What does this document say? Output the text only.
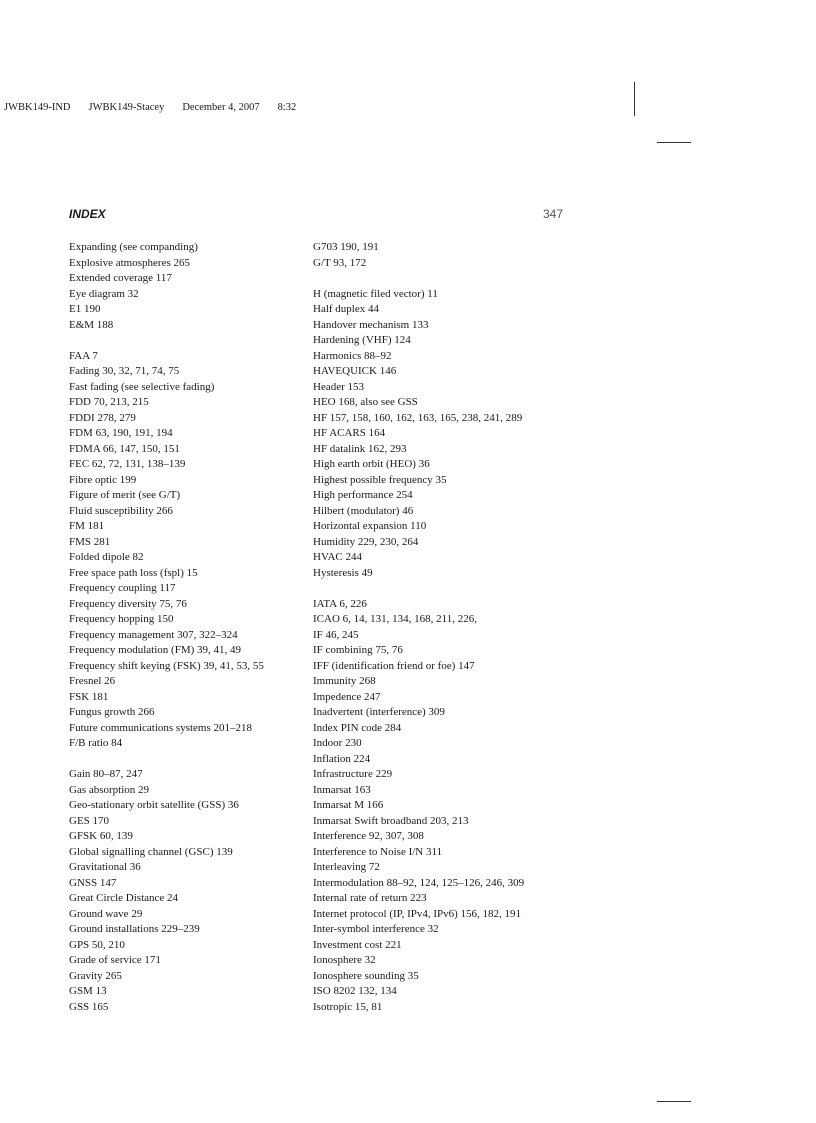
JWBK149-IND JWBK149-Stacey December 4, 2007 8:32
INDEX	347
Expanding (see companding)
Explosive atmospheres 265
Extended coverage 117
Eye diagram 32
E1 190
E&M 188
FAA 7
Fading 30, 32, 71, 74, 75
Fast fading (see selective fading)
FDD 70, 213, 215
FDDI 278, 279
FDM 63, 190, 191, 194
FDMA 66, 147, 150, 151
FEC 62, 72, 131, 138–139
Fibre optic 199
Figure of merit (see G/T)
Fluid susceptibility 266
FM 181
FMS 281
Folded dipole 82
Free space path loss (fspl) 15
Frequency coupling 117
Frequency diversity 75, 76
Frequency hopping 150
Frequency management 307, 322–324
Frequency modulation (FM) 39, 41, 49
Frequency shift keying (FSK) 39, 41, 53, 55
Fresnel 26
FSK 181
Fungus growth 266
Future communications systems 201–218
F/B ratio 84
Gain 80–87, 247
Gas absorption 29
Geo-stationary orbit satellite (GSS) 36
GES 170
GFSK 60, 139
Global signalling channel (GSC) 139
Gravitational 36
GNSS 147
Great Circle Distance 24
Ground wave 29
Ground installations 229–239
GPS 50, 210
Grade of service 171
Gravity 265
GSM 13
GSS 165
G703 190, 191
G/T 93, 172
H (magnetic filed vector) 11
Half duplex 44
Handover mechanism 133
Hardening (VHF) 124
Harmonics 88–92
HAVEQUICK 146
Header 153
HEO 168, also see GSS
HF 157, 158, 160, 162, 163, 165, 238, 241, 289
HF ACARS 164
HF datalink 162, 293
High earth orbit (HEO) 36
Highest possible frequency 35
High performance 254
Hilbert (modulator) 46
Horizontal expansion 110
Humidity 229, 230, 264
HVAC 244
Hysteresis 49
IATA 6, 226
ICAO 6, 14, 131, 134, 168, 211, 226,
IF 46, 245
IF combining 75, 76
IFF (identification friend or foe) 147
Immunity 268
Impedence 247
Inadvertent (interference) 309
Index PIN code 284
Indoor 230
Inflation 224
Infrastructure 229
Inmarsat 163
Inmarsat M 166
Inmarsat Swift broadband 203, 213
Interference 92, 307, 308
Interference to Noise I/N 311
Interleaving 72
Intermodulation 88–92, 124, 125–126, 246, 309
Internal rate of return 223
Internet protocol (IP, IPv4, IPv6) 156, 182, 191
Inter-symbol interference 32
Investment cost 221
Ionosphere 32
Ionosphere sounding 35
ISO 8202 132, 134
Isotropic 15, 81
